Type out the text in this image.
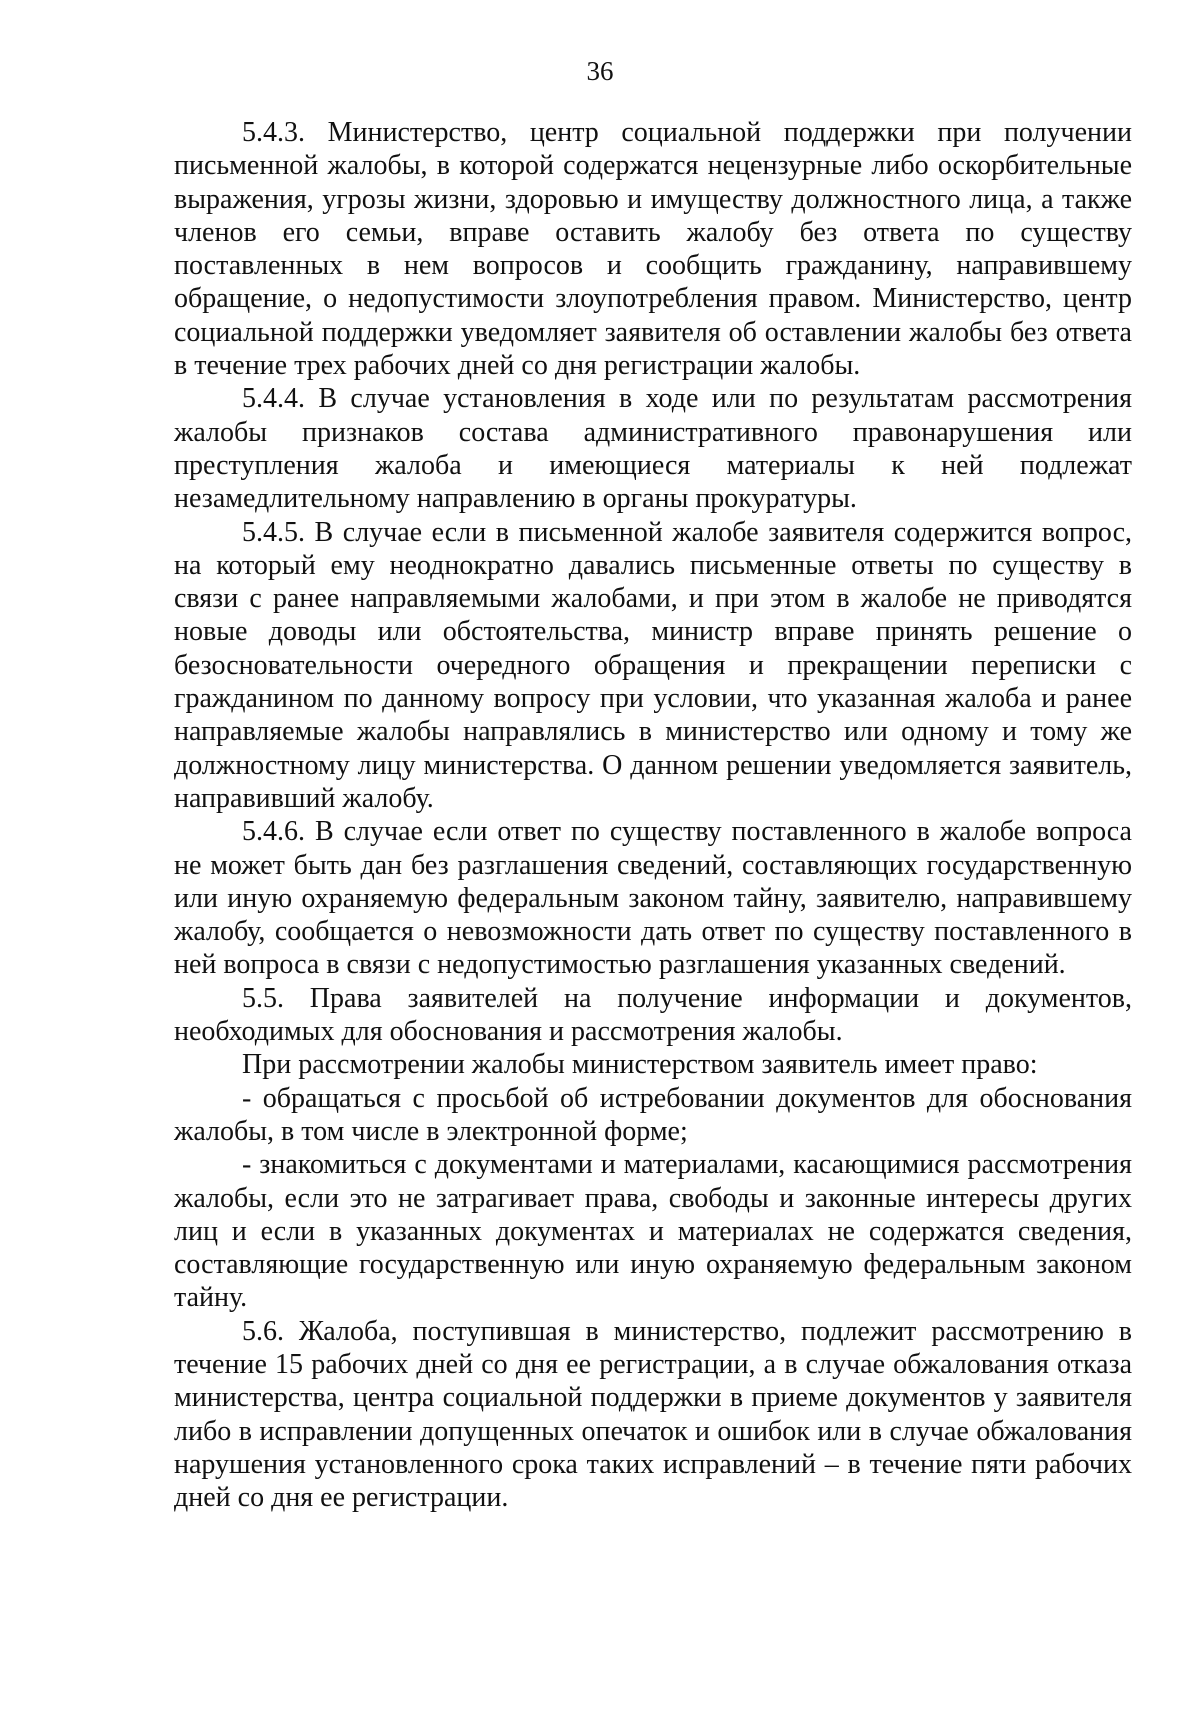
36

5.4.3. Министерство, центр социальной поддержки при получении письменной жалобы, в которой содержатся нецензурные либо оскорбительные выражения, угрозы жизни, здоровью и имуществу должностного лица, а также членов его семьи, вправе оставить жалобу без ответа по существу поставленных в нем вопросов и сообщить гражданину, направившему обращение, о недопустимости злоупотребления правом. Министерство, центр социальной поддержки уведомляет заявителя об оставлении жалобы без ответа в течение трех рабочих дней со дня регистрации жалобы.

5.4.4. В случае установления в ходе или по результатам рассмотрения жалобы признаков состава административного правонарушения или преступления жалоба и имеющиеся материалы к ней подлежат незамедлительному направлению в органы прокуратуры.

5.4.5. В случае если в письменной жалобе заявителя содержится вопрос, на который ему неоднократно давались письменные ответы по существу в связи с ранее направляемыми жалобами, и при этом в жалобе не приводятся новые доводы или обстоятельства, министр вправе принять решение о безосновательности очередного обращения и прекращении переписки с гражданином по данному вопросу при условии, что указанная жалоба и ранее направляемые жалобы направлялись в министерство или одному и тому же должностному лицу министерства. О данном решении уведомляется заявитель, направивший жалобу.

5.4.6. В случае если ответ по существу поставленного в жалобе вопроса не может быть дан без разглашения сведений, составляющих государственную или иную охраняемую федеральным законом тайну, заявителю, направившему жалобу, сообщается о невозможности дать ответ по существу поставленного в ней вопроса в связи с недопустимостью разглашения указанных сведений.

5.5. Права заявителей на получение информации и документов, необходимых для обоснования и рассмотрения жалобы.

При рассмотрении жалобы министерством заявитель имеет право:

- обращаться с просьбой об истребовании документов для обоснования жалобы, в том числе в электронной форме;

- знакомиться с документами и материалами, касающимися рассмотрения жалобы, если это не затрагивает права, свободы и законные интересы других лиц и если в указанных документах и материалах не содержатся сведения, составляющие государственную или иную охраняемую федеральным законом тайну.

5.6. Жалоба, поступившая в министерство, подлежит рассмотрению в течение 15 рабочих дней со дня ее регистрации, а в случае обжалования отказа министерства, центра социальной поддержки в приеме документов у заявителя либо в исправлении допущенных опечаток и ошибок или в случае обжалования нарушения установленного срока таких исправлений – в течение пяти рабочих дней со дня ее регистрации.
